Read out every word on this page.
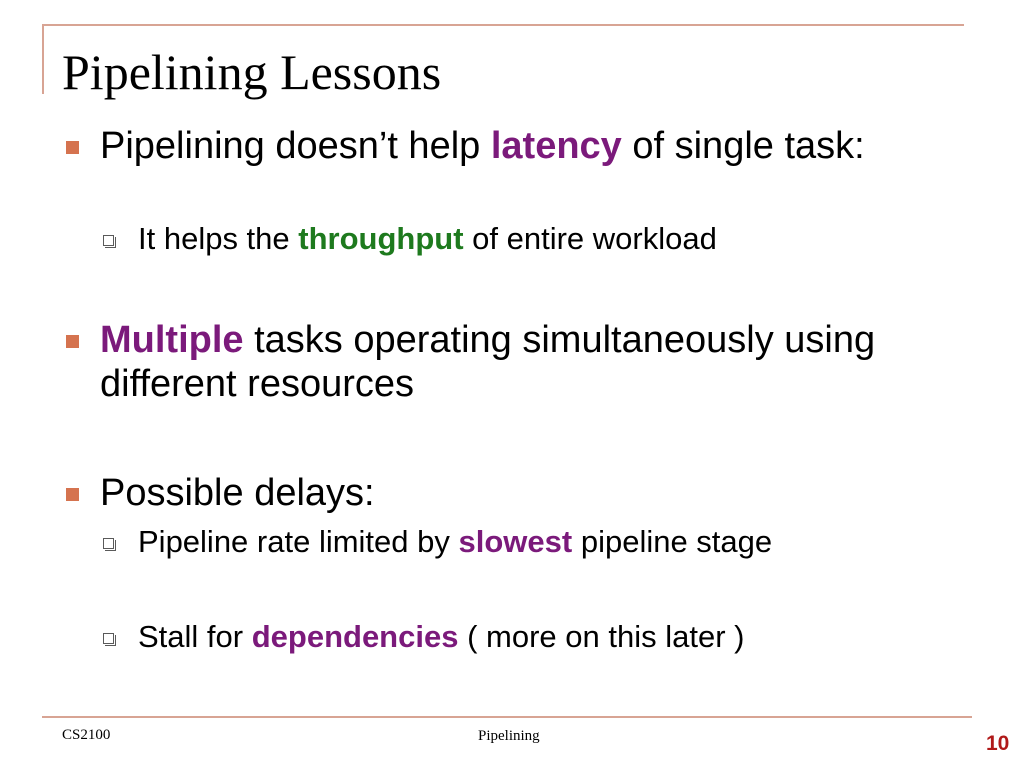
Pipelining Lessons
Pipelining doesn’t help latency of single task:
It helps the throughput of entire workload
Multiple tasks operating simultaneously using different resources
Possible delays:
Pipeline rate limited by slowest pipeline stage
Stall for dependencies ( more on this later )
CS2100	Pipelining	10
